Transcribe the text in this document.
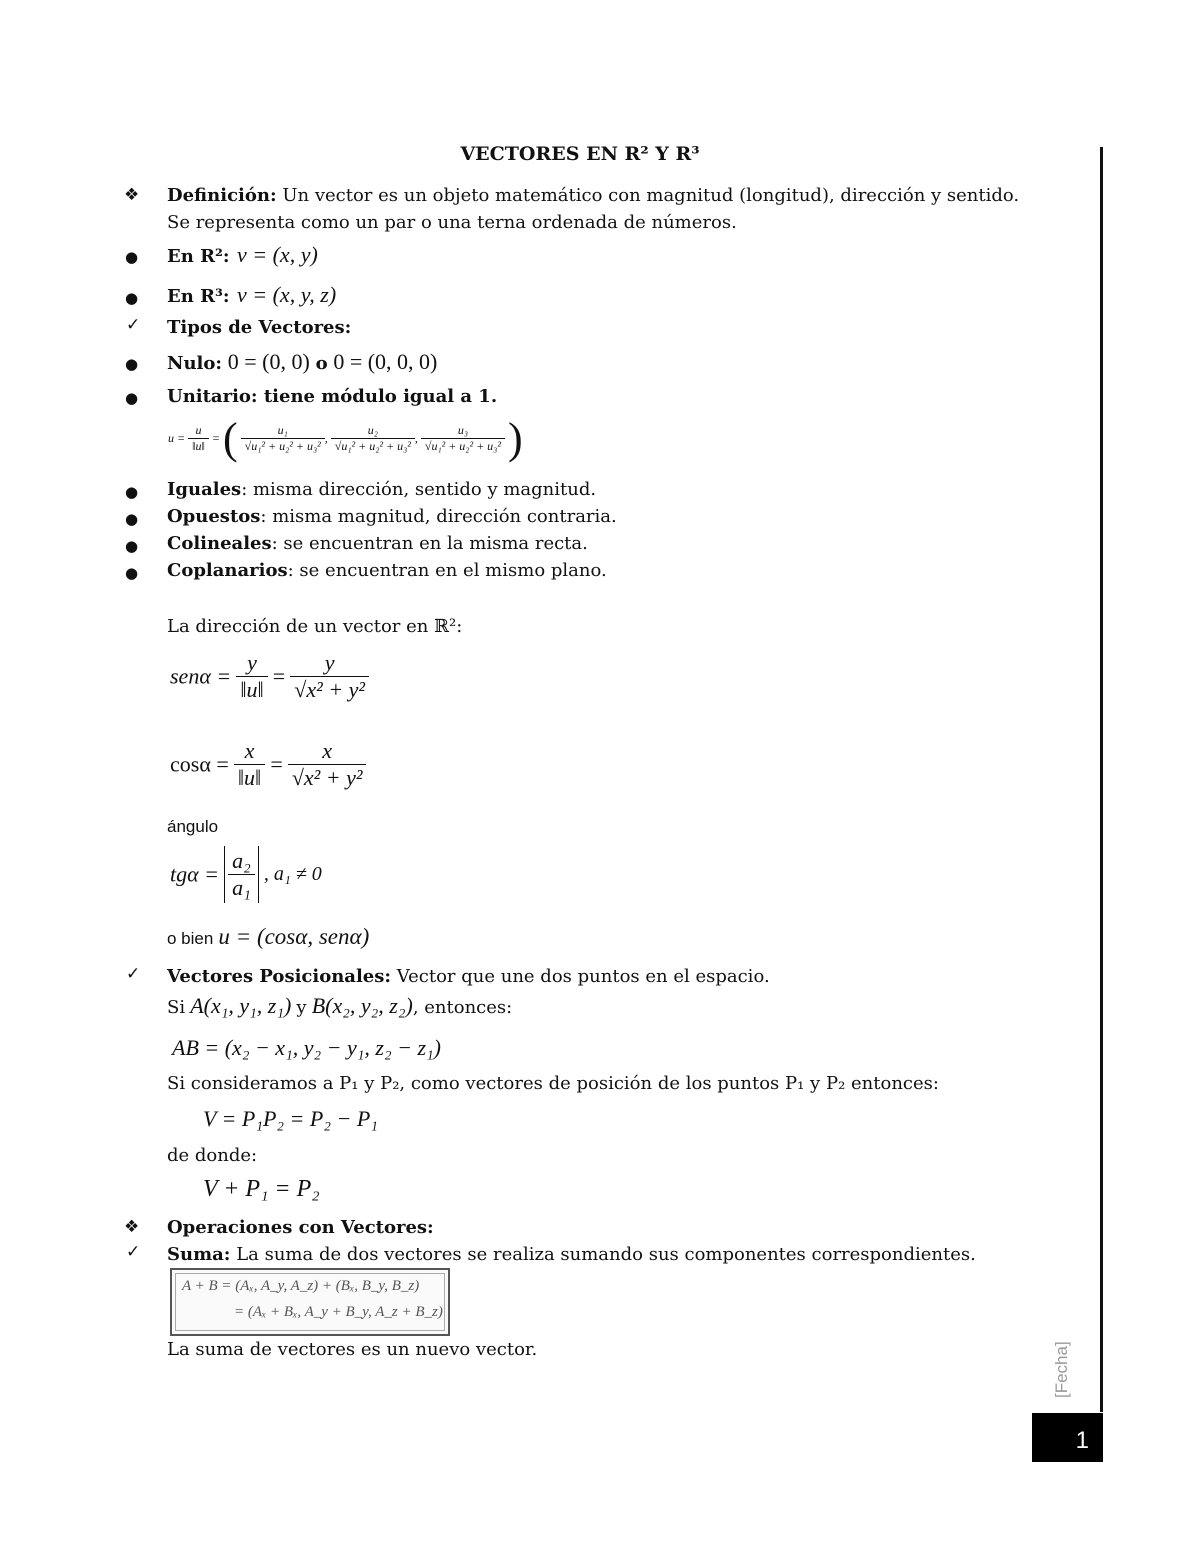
VECTORES EN R² Y R³
❖ Definición: Un vector es un objeto matemático con magnitud (longitud), dirección y sentido.
Se representa como un par o una terna ordenada de números.
● En R²: v = (x, y)
● En R³: v = (x, y, z)
✓ Tipos de Vectores:
● Nulo: 0 = (0, 0) o 0 = (0, 0, 0)
● Unitario: tiene módulo igual a 1.
$u = \frac{u}{‖u‖}$ = ( $\frac{\text{u₁}}{\text{√u₁² + u₂² + u₃²}}$ , $\frac{\text{u₂}}{\text{√u₁² + u₂² + u₃²}}$ , $\frac{\text{u₃}}{\text{√u₁² + u₂² + u₃²}}$ )
● Iguales: misma dirección, sentido y magnitud.
● Opuestos: misma magnitud, dirección contraria.
● Colineales: se encuentran en la misma recta.
● Coplanarios: se encuentran en el mismo plano.
La dirección de un vector en ℝ²:
$sen\alpha = \frac{y}{‖u‖} = \frac{y}{\text{√x² + y²}}$
$\cos\alpha = \frac{x}{‖u‖} = \frac{x}{\text{√x² + y²}}$
ángulo
$tg\alpha = \frac{\text{a₂}}{\text{a₁}}$ , a₁ ≠ 0
o bien u = (cosα, senα)
✓ Vectores Posicionales: Vector que une dos puntos en el espacio.
Si A(x₁, y₁, z₁) y B(x₂, y₂, z₂), entonces:
AB = (x₂ − x₁, y₂ − y₁, z₂ − z₁)
Si consideramos a P₁ y P₂, como vectores de posición de los puntos P₁ y P₂ entonces:
V = P₁P₂ = P₂ − P₁
de donde:
V + P₁ = P₂
❖ Operaciones con Vectores:
✓ Suma: La suma de dos vectores se realiza sumando sus componentes correspondientes.
A + B = (Aₓ, A_y, A_z) + (Bₓ, B_y, B_z)
= (Aₓ + Bₓ, A_y + B_y, A_z + B_z)
La suma de vectores es un nuevo vector.	[Fecha]
1
